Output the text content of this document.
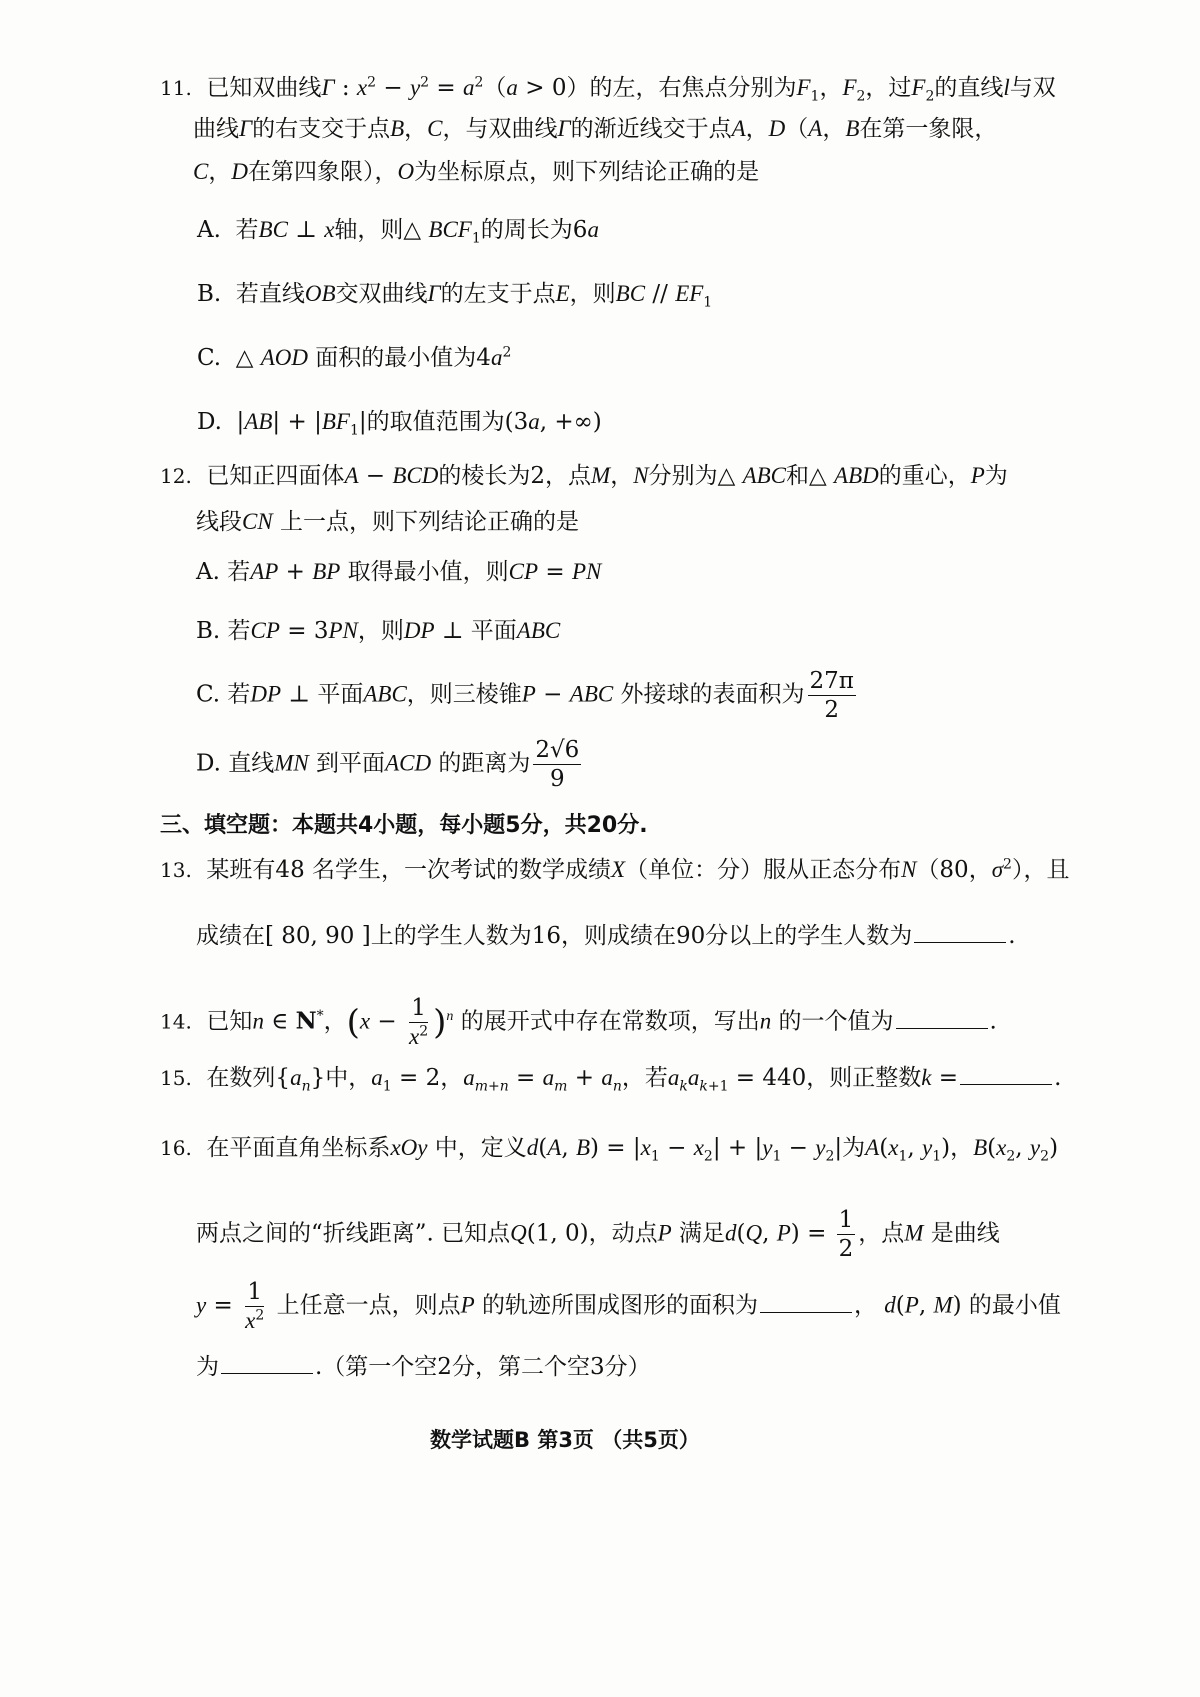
11.  已知双曲线Γ : $x^2 - y^2 = a^2(a > 0)$的左，右焦点分别为$F_1$，$F_2$，过$F_2$的直线l与双
曲线Γ的右支交于点B，C，与双曲线Γ的渐近线交于点A，D（A，B在第一象限，
C，D在第四象限），O为坐标原点，则下列结论正确的是
A.  若BC ⊥ x轴，则△ $BCF_1$的周长为6a
B.  若直线OB交双曲线Γ的左支于点E，则BC // $EF_1$
C.  △ AOD 面积的最小值为$4a^2$
D.  $|AB| + |BF_1|$的取值范围为(3a, +∞)
12.  已知正四面体A − BCD的棱长为2，点M，N分别为△ ABC和△ ABD的重心，P为
线段CN 上一点，则下列结论正确的是
A. 若AP + BP 取得最小值，则CP = PN
B. 若CP = 3PN，则DP ⊥ 平面ABC
C. 若DP ⊥ 平面ABC，则三棱锥P − ABC 外接球的表面积为 $\frac{27\pi}{2}$
D. 直线MN 到平面ACD 的距离为 $\frac{2√6}{9}$
三、填空题：本题共4小题，每小题5分，共20分.
13.  某班有48 名学生，一次考试的数学成绩X（单位：分）服从正态分布N（80，$\sigma^2$），且
成绩在[ 80, 90 ]上的学生人数为16，则成绩在90分以上的学生人数为	.
14.  已知n ∈ N*，$(x - \frac{1}{x^2} )^n$ 的展开式中存在常数项，写出n 的一个值为	.
15.  在数列$\{a_n\}$中，$a_1 = 2$，$a_{m+n} = a_m + a_n$，若$a_ka_{k+1} = 440$，则正整数k =	.
16.  在平面直角坐标系xOy 中，定义d(A, $B) = |x_1 - x_2| + |y_1 - y_2|$为$A(x_1$, $y_1$)，$B(x_2$, $y_2$)
两点之间的“折线距离”. 已知点Q(1, 0)，动点P 满足d(Q, $P) = \frac{1}{2}$ ，点M 是曲线
$y = \frac{1}{x^2}$ 上任意一点，则点P 的轨迹所围成图形的面积为	， d(P, M) 的最小值
为	.（第一个空2分，第二个空3分）
数学试题B 第3页 （共5页）
